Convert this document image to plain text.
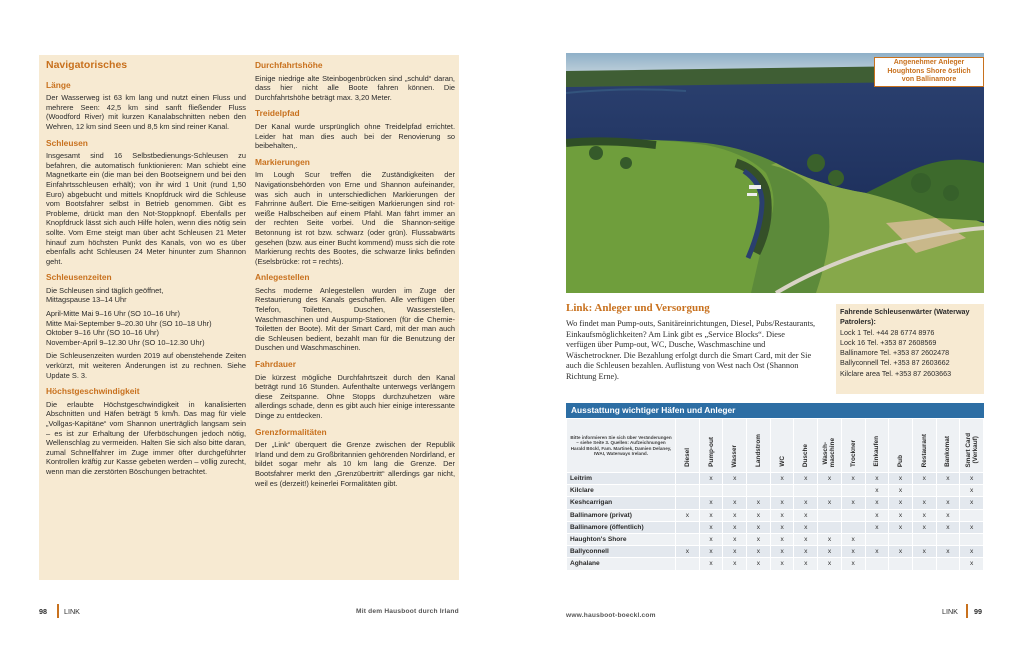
Navigatorisches
Länge
Der Wasserweg ist 63 km lang und nutzt einen Fluss und mehrere Seen: 42,5 km sind sanft fließender Fluss (Woodford River) mit kurzen Kanalabschnitten neben den Wehren, 12 km sind Seen und 8,5 km sind reiner Kanal.
Schleusen
Insgesamt sind 16 Selbstbedienungs-Schleusen zu befahren, die automatisch funktionieren: Man schiebt eine Magnetkarte ein (die man bei den Bootseignern und bei den Einfahrtsschleusen erhält); von ihr wird 1 Unit (rund 1,50 Euro) abgebucht und mittels Knopfdruck wird die Schleuse vom Bootsfahrer selbst in Betrieb genommen. Gibt es Probleme, drückt man den Not-Stoppknopf. Ebenfalls per Knopfdruck lässt sich auch Hilfe holen, wenn dies nötig sein sollte. Vom Erne steigt man über acht Schleusen 21 Meter hinauf zum höchsten Punkt des Kanals, von wo es über ebenfalls acht Schleusen 24 Meter hinunter zum Shannon geht.
Schleusenzeiten
Die Schleusen sind täglich geöffnet,
Mittagspause 13–14 Uhr
April-Mitte Mai 9–16 Uhr (SO 10–16 Uhr)
Mitte Mai-September 9–20.30 Uhr (SO 10–18 Uhr)
Oktober 9–16 Uhr (SO 10–16 Uhr)
November-April 9–12.30 Uhr (SO 10–12.30 Uhr)
Die Schleusenzeiten wurden 2019 auf obenstehende Zeiten verkürzt, mit weiteren Änderungen ist zu rechnen. Siehe Update S. 3.
Höchstgeschwindigkeit
Die erlaubte Höchstgeschwindigkeit in kanalisierten Abschnitten und Häfen beträgt 5 km/h. Das mag für viele „Vollgas-Kapitäne“ vom Shannon unerträglich langsam sein – es ist zur Erhaltung der Uferböschungen jedoch nötig, Wellenschlag zu vermeiden. Halten Sie sich also bitte daran, zumal Schnellfahrer im Zuge immer öfter durchgeführter Kontrollen kräftig zur Kasse gebeten werden – völlig zurecht, wenn man die zerstörten Böschungen betrachtet.
Durchfahrtshöhe
Einige niedrige alte Steinbogenbrücken sind „schuld“ daran, dass hier nicht alle Boote fahren können. Die Durchfahrtshöhe beträgt max. 3,20 Meter.
Treidelpfad
Der Kanal wurde ursprünglich ohne Treidelpfad errichtet. Leider hat man dies auch bei der Renovierung so beibehalten,.
Markierungen
Im Lough Scur treffen die Zuständigkeiten der Navigationsbehörden von Erne und Shannon aufeinander, was sich auch in unterschiedlichen Markierungen der Fahrrinne äußert. Die Erne-seitigen Markierungen sind rot-weiße Halbscheiben auf einem Pfahl. Man fährt immer an der rechten Seite vorbei. Und die Shannon-seitige Betonnung ist rot bzw. schwarz (oder grün). Flussabwärts gesehen (bzw. aus einer Bucht kommend) muss sich die rote Markierung rechts des Bootes, die schwarze links befinden (Eselsbrücke: rot = rechts).
Anlegestellen
Sechs moderne Anlegestellen wurden im Zuge der Restaurierung des Kanals geschaffen. Alle verfügen über Telefon, Toiletten, Duschen, Wasserstellen, Waschmaschinen und Auspump-Stationen (für die Chemie-Toiletten der Boote). Mit der Smart Card, mit der man auch die Schleusen bedient, bezahlt man für die Benutzung der Duschen und Waschmaschinen.
Fahrdauer
Die kürzest mögliche Durchfahrtszeit durch den Kanal beträgt rund 16 Stunden. Aufenthalte unterwegs verlängern diese Zeitspanne. Ohne Stopps durchzuhetzen wäre allerdings schade, denn es gibt auch hier einige interessante Dinge zu entdecken.
Grenzformalitäten
Der „Link“ überquert die Grenze zwischen der Republik Irland und dem zu Großbritannien gehörenden Nordirland, er bildet sogar mehr als 10 km lang die Grenze. Der Bootsfahrer merkt den „Grenzübertritt“ allerdings gar nicht, weil es (derzeit!) keinerlei Formalitäten gibt.
98 LINK	Mit dem Hausboot durch Irland
Angenehmer Anleger
Houghtons Shore östlich
von Ballinamore
Link: Anleger und Versorgung
Wo findet man Pump-outs, Sanitäreinrichtungen, Diesel, Pubs/Restaurants, Einkaufsmöglichkeiten? Am Link gibt es „Service Blocks“. Diese verfügen über Pump-out, WC, Dusche, Waschmaschine und Wäschetrockner. Die Bezahlung erfolgt durch die Smart Card, mit der Sie auch die Schleusen bezahlen. Auflistung von West nach Ost (Shannon Richtung Erne).
Fahrende Schleusenwärter (Waterway Patrolers):
Lock 1 Tel. +44 28 6774 8976
Lock 16 Tel. +353 87 2608569
Ballinamore Tel. +353 87 2602478
Ballyconnell Tel. +353 87 2603662
Kilclare area Tel. +353 87 2603663
Ausstattung wichtiger Häfen und Anleger
Bitte informieren Sie sich über Veränderungen – siehe Seite 3. Quellen: Aufzeichnungen Harald Böckl, Fam. Martinek, Damien Delaney, IWAI, Waterways Ireland.	Diesel	Pump-out	Wasser	Landstrom	WC	Dusche	Wasch-
maschine	Trockner	Einkaufen	Pub	Restaurant	Bankomat	Smart Card
(Verkauf)
Leitrim		x	x		x	x	x	x	x	x	x	x	x
Kilclare									x	x			x
Keshcarrigan		x	x	x	x	x	x	x	x	x	x	x	x
Ballinamore (privat)	x	x	x	x	x	x			x	x	x	x	
Ballinamore (öffentlich)		x	x	x	x	x			x	x	x	x	x
Haughton's Shore		x	x	x	x	x	x	x					
Ballyconnell	x	x	x	x	x	x	x	x	x	x	x	x	x
Aghalane		x	x	x	x	x	x	x					x
www.hausboot-boeckl.com	LINK 99
